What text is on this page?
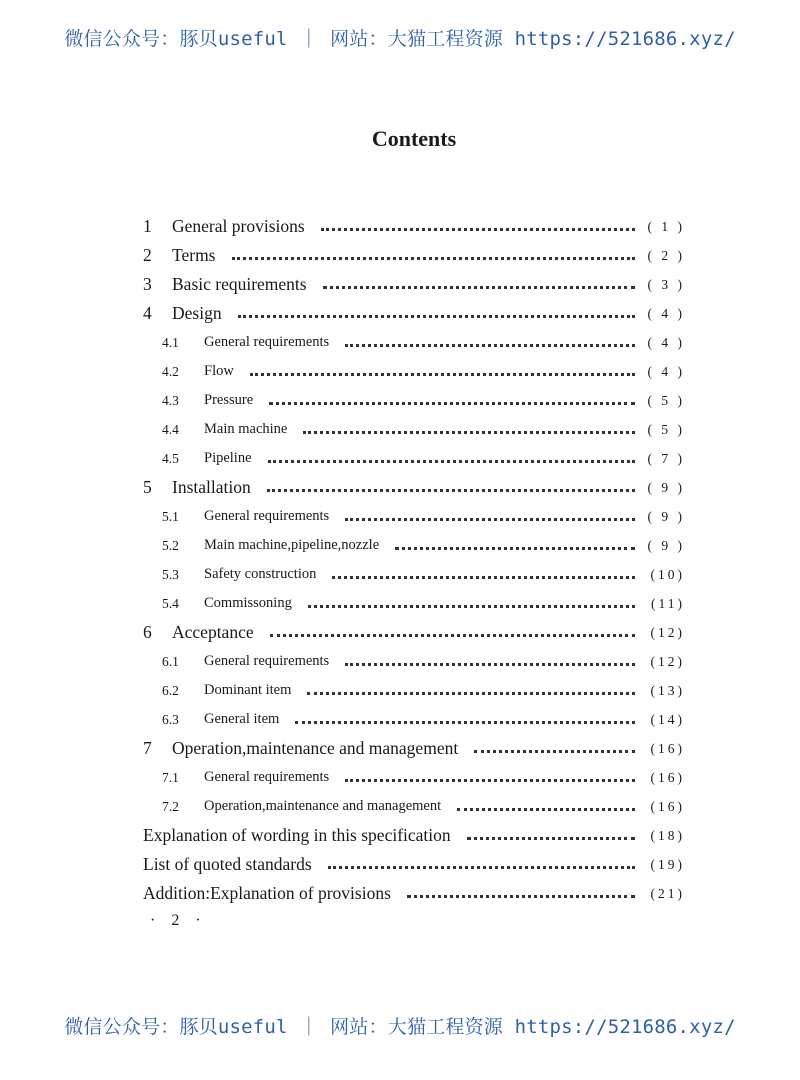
微信公众号：豚贝useful ｜ 网站：大猫工程资源 https://521686.xyz/
Contents
1	General provisions	( 1 )
2	Terms	( 2 )
3	Basic requirements	( 3 )
4	Design	( 4 )
4.1	General requirements	( 4 )
4.2	Flow	( 4 )
4.3	Pressure	( 5 )
4.4	Main machine	( 5 )
4.5	Pipeline	( 7 )
5	Installation	( 9 )
5.1	General requirements	( 9 )
5.2	Main machine,pipeline,nozzle	( 9 )
5.3	Safety construction	(10)
5.4	Commissoning	(11)
6	Acceptance	(12)
6.1	General requirements	(12)
6.2	Dominant item	(13)
6.3	General item	(14)
7	Operation,maintenance and management	(16)
7.1	General requirements	(16)
7.2	Operation,maintenance and management	(16)
Explanation of wording in this specification	(18)
List of quoted standards	(19)
Addition:Explanation of provisions	(21)
· 2 ·
微信公众号：豚贝useful ｜ 网站：大猫工程资源 https://521686.xyz/
